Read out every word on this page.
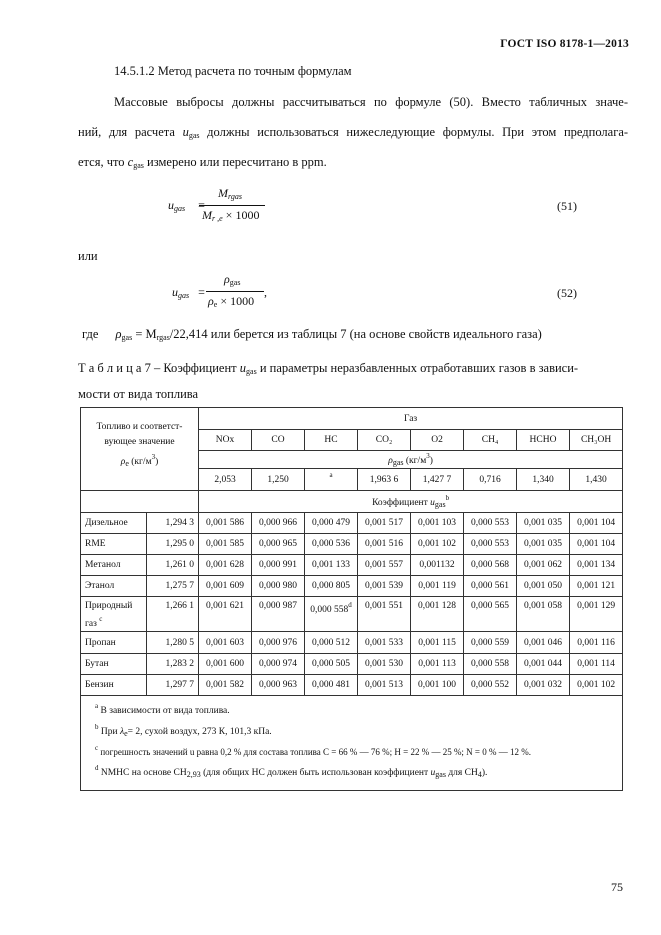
ГОСТ ISO 8178-1—2013
14.5.1.2 Метод расчета по точным формулам
Массовые выбросы должны рассчитываться по формуле (50). Вместо табличных значе-
ний, для расчета $u_{gas}$ должны использоваться нижеследующие формулы. При этом предполага-
ется, что $c_{gas}$ измерено или пересчитано в ppm.
$u_{gas}$ =
$M_{rgas}$
$M_{r ,e} \times 1000$
(51)
или
$u_{gas}$ =
$\rho_{gas}$
$\rho_e \times 1000$
,	(52)
где $\rho_{gas} = M_{rgas}/22,414$ или берется из таблицы 7 (на основе свойств идеального газа)
Т а б л и ц а 7 – Коэффициент $u_{gas}$ и параметры неразбавленных отработавших газов в зависи-
мости от вида топлива
Топливо и соответст-
вующее значение
$\rho_e$ $(кг/м^3)$		Газ							
		NOx	CO	HC	CO₂	O2	CH₄	HCHO	CH₃OH
		$\rho_{gas}$ $(кг/м^3)$							
		2,053	1,250	a	1,963 6	1,427 7	0,716	1,340	1,430
		Коэффициент $u_{gas}^b$
Дизельное	1,294 3	0,001 586	0,000 966	0,000 479	0,001 517	0,001 103	0,000 553	0,001 035	0,001 104
RME	1,295 0	0,001 585	0,000 965	0,000 536	0,001 516	0,001 102	0,000 553	0,001 035	0,001 104
Метанол	1,261 0	0,001 628	0,000 991	0,001 133	0,001 557	0,001132	0,000 568	0,001 062	0,001 134
Этанол	1,275 7	0,001 609	0,000 980	0,000 805	0,001 539	0,001 119	0,000 561	0,001 050	0,001 121

Природный
газ $^c$	1,266 1	0,001 621	0,000 987	0,000 558$^d$	0,001 551	0,001 128	0,000 565	0,001 058	0,001 129
Пропан	1,280 5	0,001 603	0,000 976	0,000 512	0,001 533	0,001 115	0,000 559	0,001 046	0,001 116
Бутан	1,283 2	0,001 600	0,000 974	0,000 505	0,001 530	0,001 113	0,000 558	0,001 044	0,001 114
Бензин	1,297 7	0,001 582	0,000 963	0,000 481	0,001 513	0,001 100	0,000 552	0,001 032	0,001 102

$^a$ В зависимости от вида топлива.
$^b$ При $\lambda_e= 2$, сухой воздух, 273 К, 101,3 кПа.
$^c$ погрешность значений u равна 0,2 % для состава топлива C = 66 % — 76 %; H = 22 % — 25 %; N = 0 % — 12 %.
$^d$ NMHC на основе $CH_{2,93}$ (для общих HC должен быть использован коэффициент $u_{gas}$ для $CH_4$).									
75
